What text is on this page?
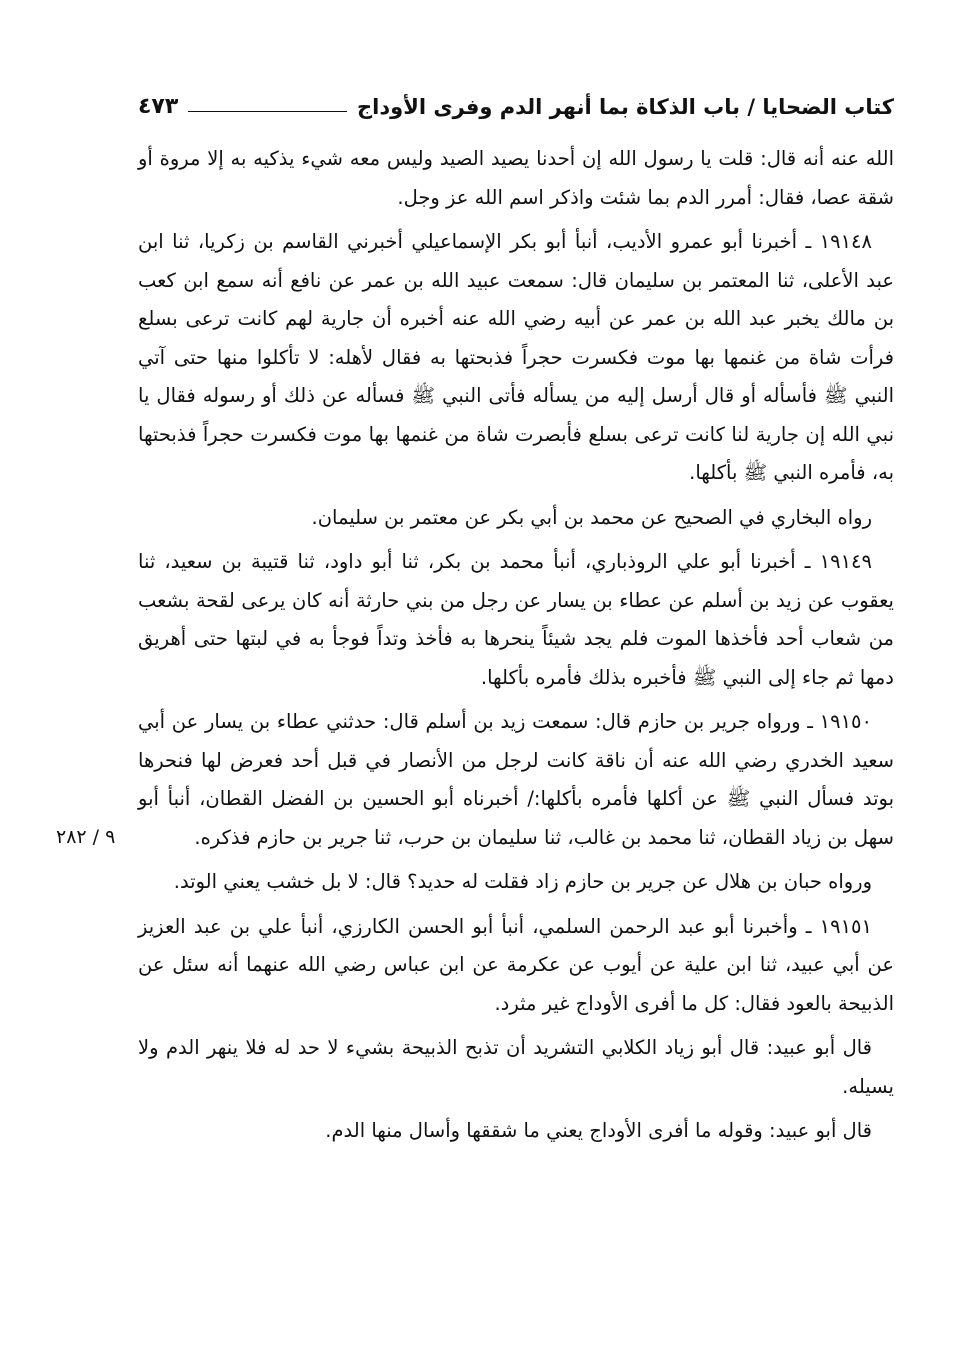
كتاب الضحايا / باب الذكاة بما أنهر الدم وفرى الأوداج
٤٧٣
٩ / ٢٨٢

الله عنه أنه قال: قلت يا رسول الله إن أحدنا يصيد الصيد وليس معه شيء يذكيه به إلا مروة أو شقة عصا، فقال: أمرر الدم بما شئت واذكر اسم الله عز وجل.

١٩١٤٨ ـ أخبرنا أبو عمرو الأديب، أنبأ أبو بكر الإسماعيلي أخبرني القاسم بن زكريا، ثنا ابن عبد الأعلى، ثنا المعتمر بن سليمان قال: سمعت عبيد الله بن عمر عن نافع أنه سمع ابن كعب بن مالك يخبر عبد الله بن عمر عن أبيه رضي الله عنه أخبره أن جارية لهم كانت ترعى بسلع فرأت شاة من غنمها بها موت فكسرت حجراً فذبحتها به فقال لأهله: لا تأكلوا منها حتى آتي النبي ﷺ فأسأله أو قال أرسل إليه من يسأله فأتى النبي ﷺ فسأله عن ذلك أو رسوله فقال يا نبي الله إن جارية لنا كانت ترعى بسلع فأبصرت شاة من غنمها بها موت فكسرت حجراً فذبحتها به، فأمره النبي ﷺ بأكلها.

رواه البخاري في الصحيح عن محمد بن أبي بكر عن معتمر بن سليمان.

١٩١٤٩ ـ أخبرنا أبو علي الروذباري، أنبأ محمد بن بكر، ثنا أبو داود، ثنا قتيبة بن سعيد، ثنا يعقوب عن زيد بن أسلم عن عطاء بن يسار عن رجل من بني حارثة أنه كان يرعى لقحة بشعب من شعاب أحد فأخذها الموت فلم يجد شيئاً ينحرها به فأخذ وتداً فوجأ به في لبتها حتى أهريق دمها ثم جاء إلى النبي ﷺ فأخبره بذلك فأمره بأكلها.

١٩١٥٠ ـ ورواه جرير بن حازم قال: سمعت زيد بن أسلم قال: حدثني عطاء بن يسار عن أبي سعيد الخدري رضي الله عنه أن ناقة كانت لرجل من الأنصار في قبل أحد فعرض لها فنحرها بوتد فسأل النبي ﷺ عن أكلها فأمره بأكلها:/ أخبرناه أبو الحسين بن الفضل القطان، أنبأ أبو سهل بن زياد القطان، ثنا محمد بن غالب، ثنا سليمان بن حرب، ثنا جرير بن حازم فذكره.

ورواه حبان بن هلال عن جرير بن حازم زاد فقلت له حديد؟ قال: لا بل خشب يعني الوتد.

١٩١٥١ ـ وأخبرنا أبو عبد الرحمن السلمي، أنبأ أبو الحسن الكارزي، أنبأ علي بن عبد العزيز عن أبي عبيد، ثنا ابن علية عن أيوب عن عكرمة عن ابن عباس رضي الله عنهما أنه سئل عن الذبيحة بالعود فقال: كل ما أفرى الأوداج غير مثرد.

قال أبو عبيد: قال أبو زياد الكلابي التشريد أن تذبح الذبيحة بشيء لا حد له فلا ينهر الدم ولا يسيله.

قال أبو عبيد: وقوله ما أفرى الأوداج يعني ما شققها وأسال منها الدم.
